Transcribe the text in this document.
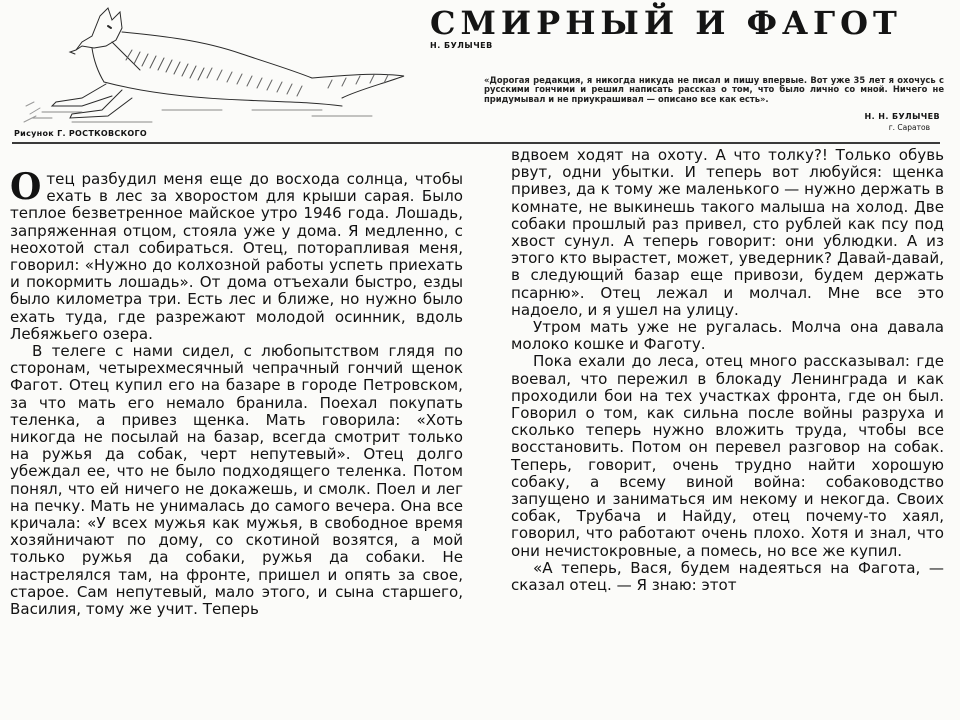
Рисунок Г. РОСТКОВСКОГО
СМИРНЫЙ И ФАГОТ
Н. БУЛЫЧЕВ
«Дорогая редакция, я никогда никуда не писал и пишу впервые. Вот уже 35 лет я охочусь с русскими гончими и решил написать рассказ о том, что было лично со мной. Ничего не придумывал и не приукрашивал — описано все как есть».
Н. Н. БУЛЫЧЕВ
г. Саратов

Отец разбудил меня еще до восхода солнца, чтобы ехать в лес за хворостом для крыши сарая. Было теплое безветренное майское утро 1946 года. Лошадь, запряженная отцом, стояла уже у дома. Я медленно, с неохотой стал собираться. Отец, поторапливая меня, говорил: «Нужно до колхозной работы успеть приехать и покормить лошадь». От дома отъехали быстро, езды было километра три. Есть лес и ближе, но нужно было ехать туда, где разрежают молодой осинник, вдоль Лебяжьего озера.

В телеге с нами сидел, с любопытством глядя по сторонам, четырехмесячный чепрачный гончий щенок Фагот. Отец купил его на базаре в городе Петровском, за что мать его немало бранила. Поехал покупать теленка, а привез щенка. Мать говорила: «Хоть никогда не посылай на базар, всегда смотрит только на ружья да собак, черт непутевый». Отец долго убеждал ее, что не было подходящего теленка. Потом понял, что ей ничего не докажешь, и смолк. Поел и лег на печку. Мать не унималась до самого вечера. Она все кричала: «У всех мужья как мужья, в свободное время хозяйничают по дому, со скотиной возятся, а мой только ружья да собаки, ружья да собаки. Не настрелялся там, на фронте, пришел и опять за свое, старое. Сам непутевый, мало этого, и сына старшего, Василия, тому же учит. Теперь

вдвоем ходят на охоту. А что толку?! Только обувь рвут, одни убытки. И теперь вот любуйся: щенка привез, да к тому же маленького — нужно держать в комнате, не выкинешь такого малыша на холод. Две собаки прошлый раз привел, сто рублей как псу под хвост сунул. А теперь говорит: они ублюдки. А из этого кто вырастет, может, уведерник? Давай-давай, в следующий базар еще привози, будем держать псарню». Отец лежал и молчал. Мне все это надоело, и я ушел на улицу.

Утром мать уже не ругалась. Молча она давала молоко кошке и Фаготу.

Пока ехали до леса, отец много рассказывал: где воевал, что пережил в блокаду Ленинграда и как проходили бои на тех участках фронта, где он был. Говорил о том, как сильна после войны разруха и сколько теперь нужно вложить труда, чтобы все восстановить. Потом он перевел разговор на собак. Теперь, говорит, очень трудно найти хорошую собаку, а всему виной война: собаководство запущено и заниматься им некому и некогда. Своих собак, Трубача и Найду, отец почему-то хаял, говорил, что работают очень плохо. Хотя и знал, что они нечистокровные, а помесь, но все же купил.

«А теперь, Вася, будем надеяться на Фагота, — сказал отец. — Я знаю: этот
